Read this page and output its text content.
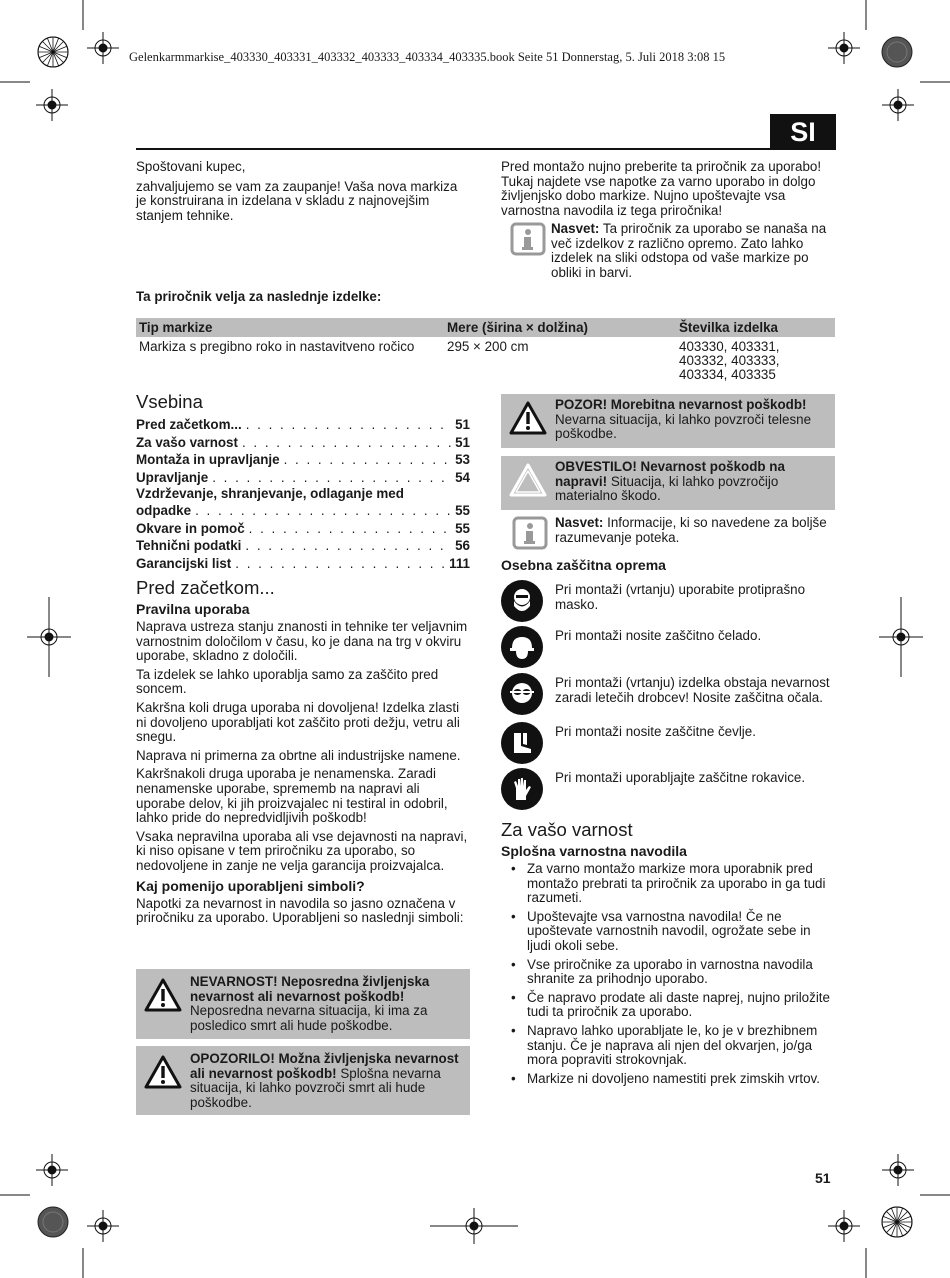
Gelenkarmmarkise_403330_403331_403332_403333_403334_403335.book Seite 51 Donnerstag, 5. Juli 2018 3:08 15
SI

Spoštovani kupec,

zahvaljujemo se vam za zaupanje! Vaša nova markiza je konstruirana in izdelana v skladu z najnovejšim stanjem tehnike.

Pred montažo nujno preberite ta priročnik za uporabo! Tukaj najdete vse napotke za varno uporabo in dolgo življenjsko dobo markize. Nujno upoštevajte vsa varnostna navodila iz tega priročnika!

Nasvet: Ta priročnik za uporabo se nanaša na več izdelkov z različno opremo. Zato lahko izdelek na sliki odstopa od vaše markize po obliki in barvi.
Ta priročnik velja za naslednje izdelke:
Tip markize	Mere (širina × dolžina)	Številka izdelka
Markiza s pregibno roko in nastavitveno ročico	295 × 200 cm	403330, 403331,
403332, 403333,
403334, 403335
Vsebina
Pred začetkom... . . .	51
Za vašo varnost . . .	51
Montaža in upravljanje . . .	53
Upravljanje . . .	54
Vzdrževanje, shranjevanje, odlaganje med
odpadke . . .	55
Okvare in pomoč . . .	55
Tehnični podatki . . .	56
Garancijski list . . .	111
Pred začetkom...
Pravilna uporaba

Naprava ustreza stanju znanosti in tehnike ter veljavnim varnostnim določilom v času, ko je dana na trg v okviru uporabe, skladno z določili.

Ta izdelek se lahko uporablja samo za zaščito pred soncem.

Kakršna koli druga uporaba ni dovoljena! Izdelka zlasti ni dovoljeno uporabljati kot zaščito proti dežju, vetru ali snegu.

Naprava ni primerna za obrtne ali industrijske namene.

Kakršnakoli druga uporaba je nenamenska. Zaradi nenamenske uporabe, sprememb na napravi ali uporabe delov, ki jih proizvajalec ni testiral in odobril, lahko pride do nepredvidljivih poškodb!

Vsaka nepravilna uporaba ali vse dejavnosti na napravi, ki niso opisane v tem priročniku za uporabo, so nedovoljene in zanje ne velja garancija proizvajalca.

Kaj pomenijo uporabljeni simboli?

Napotki za nevarnost in navodila so jasno označena v priročniku za uporabo. Uporabljeni so naslednji simboli:

NEVARNOST! Neposredna življenjska nevarnost ali nevarnost poškodb! Neposredna nevarna situacija, ki ima za posledico smrt ali hude poškodbe.
OPOZORILO! Možna življenjska nevarnost ali nevarnost poškodb! Splošna nevarna situacija, ki lahko povzroči smrt ali hude poškodbe.
POZOR! Morebitna nevarnost poškodb!
Nevarna situacija, ki lahko povzroči telesne poškodbe.
OBVESTILO! Nevarnost poškodb na napravi! Situacija, ki lahko povzročijo materialno škodo.
Nasvet: Informacije, ki so navedene za boljše razumevanje poteka.
Osebna zaščitna oprema
Pri montaži (vrtanju) uporabite protiprašno masko.
Pri montaži nosite zaščitno čelado.
Pri montaži (vrtanju) izdelka obstaja nevarnost zaradi letečih drobcev! Nosite zaščitna očala.
Pri montaži nosite zaščitne čevlje.
Pri montaži uporabljajte zaščitne rokavice.
Za vašo varnost
Splošna varnostna navodila
• Za varno montažo markize mora uporabnik pred montažo prebrati ta priročnik za uporabo in ga tudi razumeti.
• Upoštevajte vsa varnostna navodila! Če ne upoštevate varnostnih navodil, ogrožate sebe in ljudi okoli sebe.
• Vse priročnike za uporabo in varnostna navodila shranite za prihodnjo uporabo.
• Če napravo prodate ali daste naprej, nujno priložite tudi ta priročnik za uporabo.
• Napravo lahko uporabljate le, ko je v brezhibnem stanju. Če je naprava ali njen del okvarjen, jo/ga mora popraviti strokovnjak.
• Markize ni dovoljeno namestiti prek zimskih vrtov.
51
